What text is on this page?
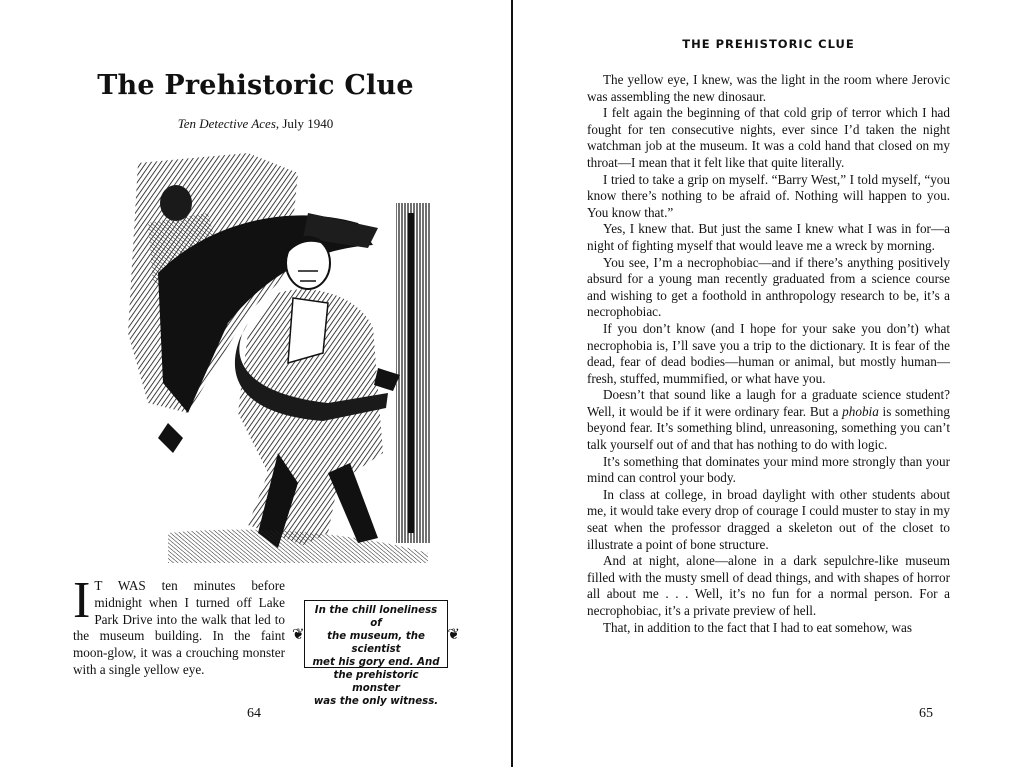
The Prehistoric Clue
Ten Detective Aces, July 1940

I T WAS ten minutes before midnight when I turned off Lake Park Drive into the walk that led to the museum building. In the faint moon-glow, it was a crouching monster with a single yellow eye.

❦	❦
In the chill loneliness of
the museum, the scientist
met his gory end. And
the prehistoric monster
was the only witness.
64
THE PREHISTORIC CLUE

The yellow eye, I knew, was the light in the room where Jerovic was assembling the new dinosaur.

I felt again the beginning of that cold grip of terror which I had fought for ten consecutive nights, ever since I’d taken the night watchman job at the museum. It was a cold hand that closed on my throat—I mean that it felt like that quite literally.

I tried to take a grip on myself. “Barry West,” I told myself, “you know there’s nothing to be afraid of. Nothing will happen to you. You know that.”

Yes, I knew that. But just the same I knew what I was in for—a night of fighting myself that would leave me a wreck by morning.

You see, I’m a necrophobiac—and if there’s anything positively absurd for a young man recently graduated from a science course and wishing to get a foothold in anthropology research to be, it’s a necrophobiac.

If you don’t know (and I hope for your sake you don’t) what necrophobia is, I’ll save you a trip to the dictionary. It is fear of the dead, fear of dead bodies—human or animal, but mostly human—fresh, stuffed, mummified, or what have you.

Doesn’t that sound like a laugh for a graduate science student? Well, it would be if it were ordinary fear. But a phobia is something beyond fear. It’s something blind, unreasoning, something you can’t talk yourself out of and that has nothing to do with logic.

It’s something that dominates your mind more strongly than your mind can control your body.

In class at college, in broad daylight with other students about me, it would take every drop of courage I could muster to stay in my seat when the professor dragged a skeleton out of the closet to illustrate a point of bone structure.

And at night, alone—alone in a dark sepulchre-like museum filled with the musty smell of dead things, and with shapes of horror all about me . . . Well, it’s no fun for a normal person. For a necrophobiac, it’s a private preview of hell.

That, in addition to the fact that I had to eat somehow, was

65
